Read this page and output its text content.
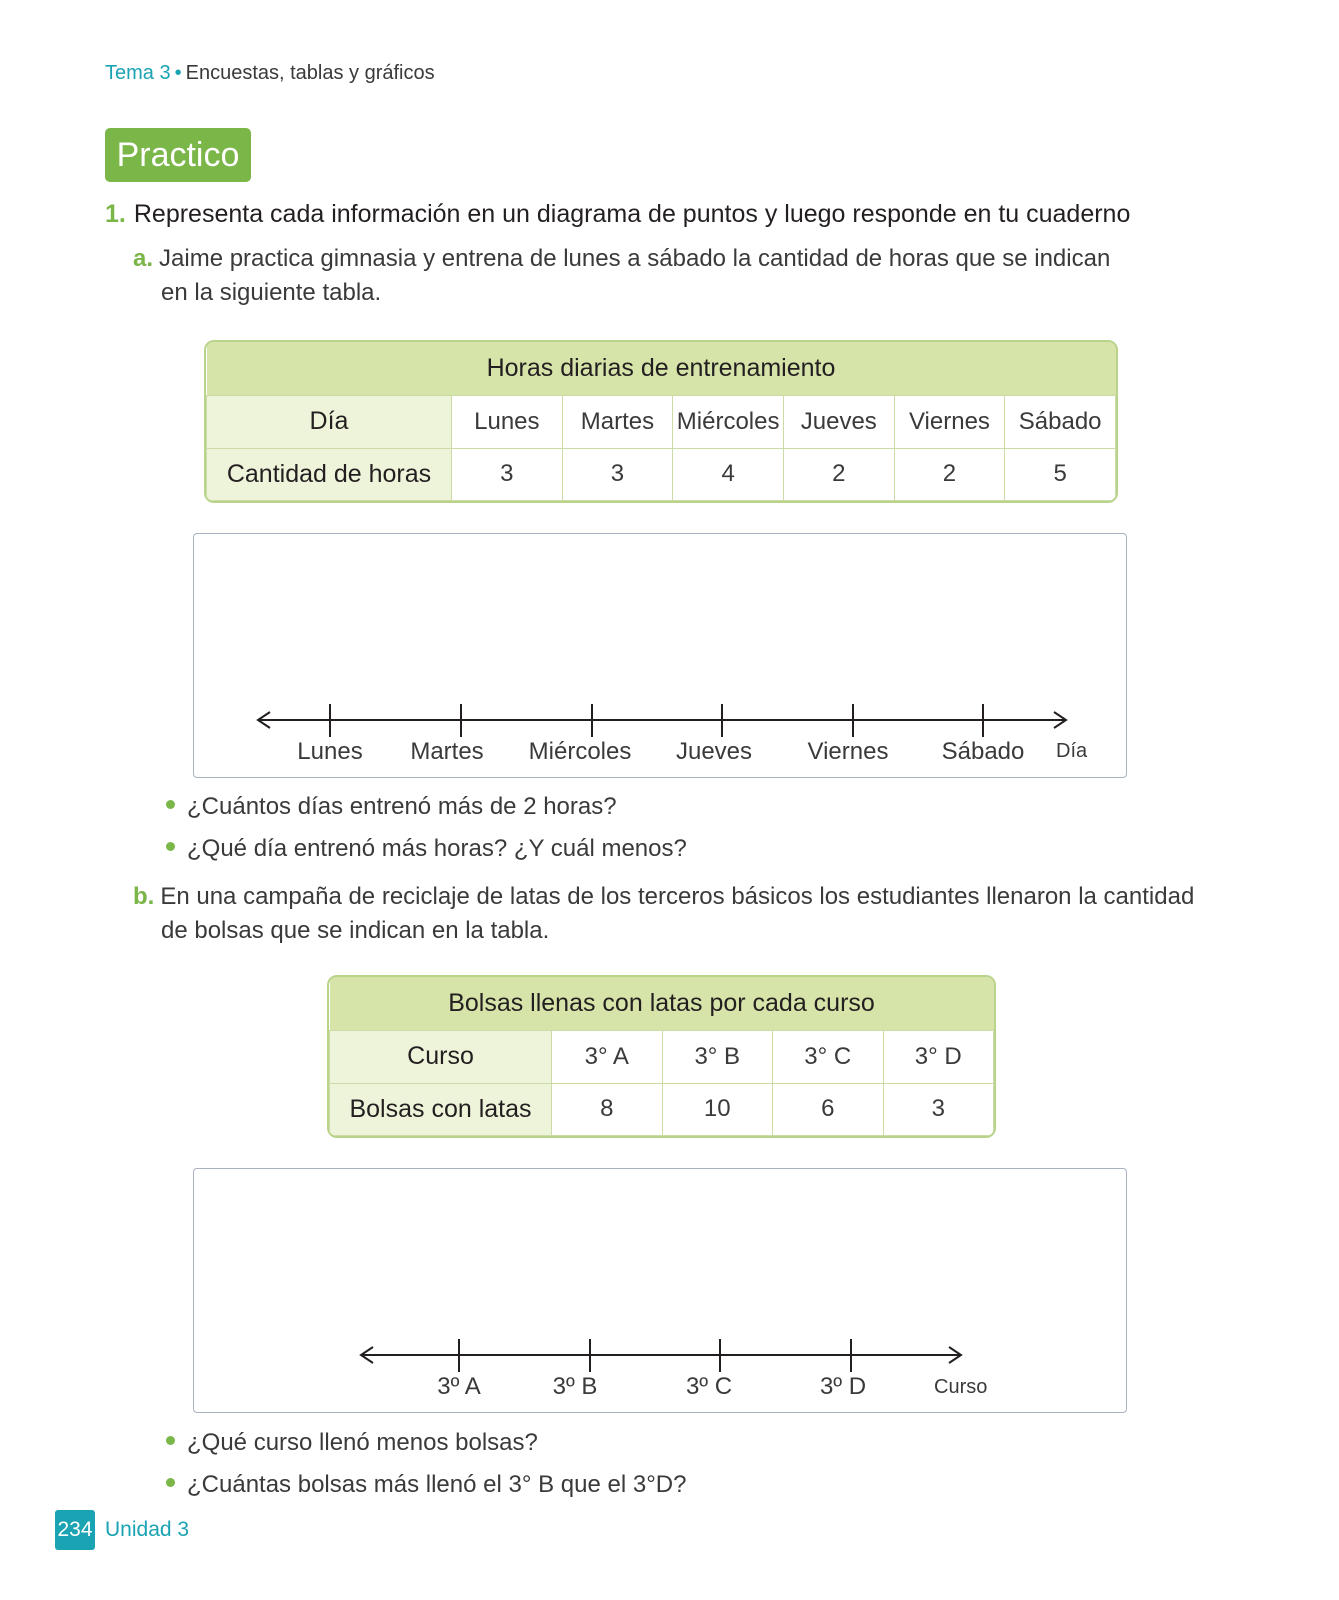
Tema 3 • Encuestas, tablas y gráficos
Practico
1. Representa cada información en un diagrama de puntos y luego responde en tu cuaderno
a. Jaime practica gimnasia y entrena de lunes a sábado la cantidad de horas que se indican
en la siguiente tabla.
Horas diarias de entrenamiento						
Día	Lunes	Martes	Miércoles	Jueves	Viernes	Sábado
Cantidad de horas	3	3	4	2	2	5
Lunes Martes Miércoles Jueves Viernes Sábado Día
¿Cuántos días entrenó más de 2 horas?
¿Qué día entrenó más horas? ¿Y cuál menos?
b. En una campaña de reciclaje de latas de los terceros básicos los estudiantes llenaron la cantidad
de bolsas que se indican en la tabla.
Bolsas llenas con latas por cada curso				
Curso	3° A	3° B	3° C	3° D
Bolsas con latas	8	10	6	3
3º A	3º B	3º C	3º D	Curso
¿Qué curso llenó menos bolsas?
¿Cuántas bolsas más llenó el 3° B que el 3°D?
234 Unidad 3
